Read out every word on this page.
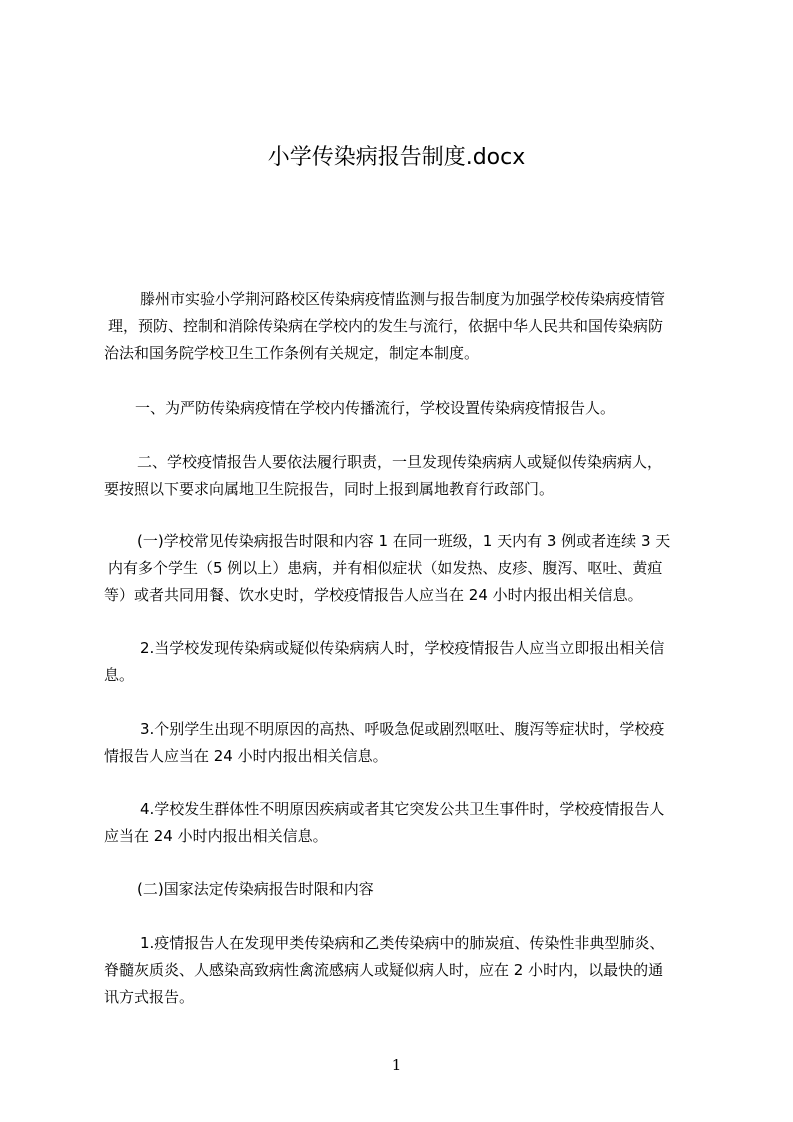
小学传染病报告制度.docx
滕州市实验小学荆河路校区传染病疫情监测与报告制度为加强学校传染病疫情管
理，预防、控制和消除传染病在学校内的发生与流行，依据中华人民共和国传染病防
治法和国务院学校卫生工作条例有关规定，制定本制度。
一、为严防传染病疫情在学校内传播流行，学校设置传染病疫情报告人。
二、学校疫情报告人要依法履行职责，一旦发现传染病病人或疑似传染病病人，
要按照以下要求向属地卫生院报告，同时上报到属地教育行政部门。
(一)学校常见传染病报告时限和内容 1 在同一班级，1 天内有 3 例或者连续 3 天
内有多个学生（5 例以上）患病，并有相似症状（如发热、皮疹、腹泻、呕吐、黄疸
等）或者共同用餐、饮水史时，学校疫情报告人应当在 24 小时内报出相关信息。
2.当学校发现传染病或疑似传染病病人时，学校疫情报告人应当立即报出相关信
息。
3.个别学生出现不明原因的高热、呼吸急促或剧烈呕吐、腹泻等症状时，学校疫
情报告人应当在 24 小时内报出相关信息。
4.学校发生群体性不明原因疾病或者其它突发公共卫生事件时，学校疫情报告人
应当在 24 小时内报出相关信息。
(二)国家法定传染病报告时限和内容
1.疫情报告人在发现甲类传染病和乙类传染病中的肺炭疽、传染性非典型肺炎、
脊髓灰质炎、人感染高致病性禽流感病人或疑似病人时，应在 2 小时内，以最快的通
讯方式报告。
1
